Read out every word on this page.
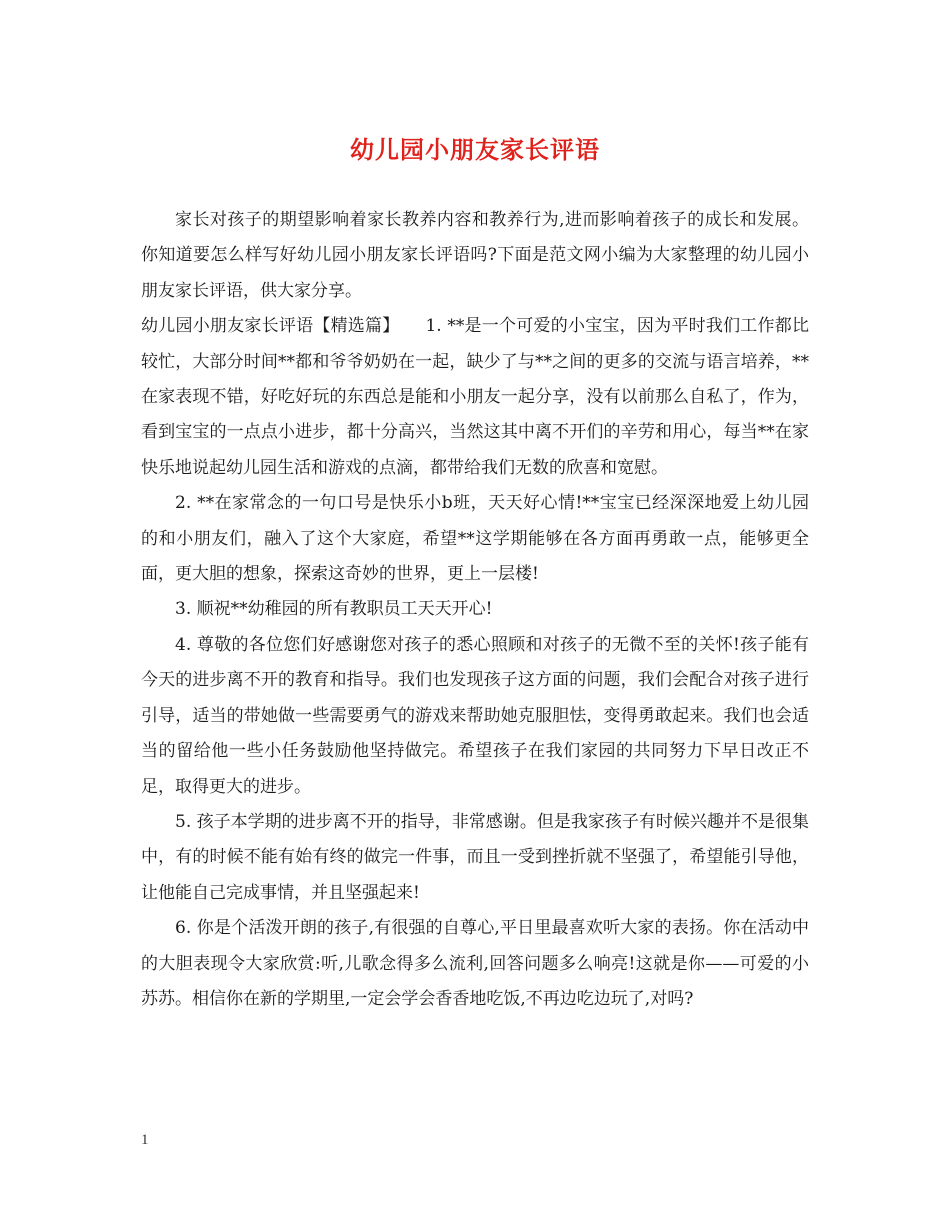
幼儿园小朋友家长评语

家长对孩子的期望影响着家长教养内容和教养行为,进而影响着孩子的成长和发展。你知道要怎么样写好幼儿园小朋友家长评语吗?下面是范文网小编为大家整理的幼儿园小朋友家长评语，供大家分享。

幼儿园小朋友家长评语【精选篇】　　1. **是一个可爱的小宝宝，因为平时我们工作都比较忙，大部分时间**都和爷爷奶奶在一起，缺少了与**之间的更多的交流与语言培养，**在家表现不错，好吃好玩的东西总是能和小朋友一起分享，没有以前那么自私了，作为，看到宝宝的一点点小进步，都十分高兴，当然这其中离不开们的辛劳和用心，每当**在家快乐地说起幼儿园生活和游戏的点滴，都带给我们无数的欣喜和宽慰。

2. **在家常念的一句口号是快乐小b班，天天好心情!**宝宝已经深深地爱上幼儿园的和小朋友们，融入了这个大家庭，希望**这学期能够在各方面再勇敢一点，能够更全面，更大胆的想象，探索这奇妙的世界，更上一层楼!

3. 顺祝**幼稚园的所有教职员工天天开心!

4. 尊敬的各位您们好感谢您对孩子的悉心照顾和对孩子的无微不至的关怀!孩子能有今天的进步离不开的教育和指导。我们也发现孩子这方面的问题，我们会配合对孩子进行引导，适当的带她做一些需要勇气的游戏来帮助她克服胆怯，变得勇敢起来。我们也会适当的留给他一些小任务鼓励他坚持做完。希望孩子在我们家园的共同努力下早日改正不足，取得更大的进步。

5. 孩子本学期的进步离不开的指导，非常感谢。但是我家孩子有时候兴趣并不是很集中，有的时候不能有始有终的做完一件事，而且一受到挫折就不坚强了，希望能引导他，让他能自己完成事情，并且坚强起来!

6. 你是个活泼开朗的孩子,有很强的自尊心,平日里最喜欢听大家的表扬。你在活动中的大胆表现令大家欣赏:听,儿歌念得多么流利,回答问题多么响亮!这就是你——可爱的小苏苏。相信你在新的学期里,一定会学会香香地吃饭,不再边吃边玩了,对吗?

1
